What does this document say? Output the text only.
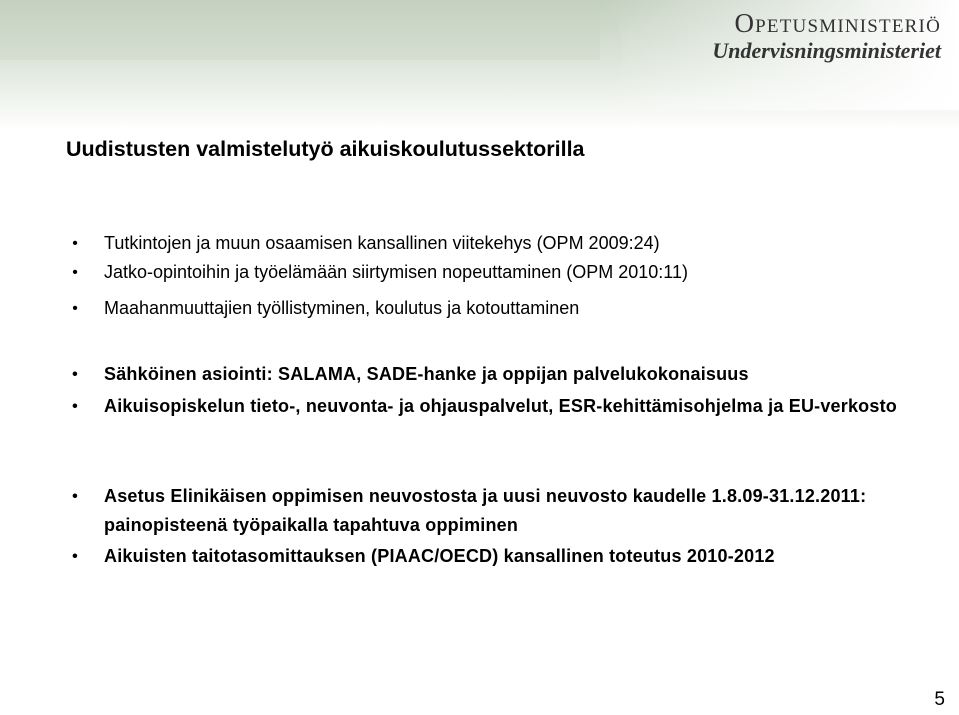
Opetusministeriö
Undervisningsministeriet
Uudistusten valmistelutyö aikuiskoulutussektorilla
•	Tutkintojen ja muun osaamisen kansallinen viitekehys (OPM 2009:24)
•	Jatko-opintoihin ja työelämään siirtymisen nopeuttaminen (OPM 2010:11)
•	Maahanmuuttajien työllistyminen, koulutus ja kotouttaminen
•	Sähköinen asiointi: SALAMA, SADE-hanke ja oppijan palvelukokonaisuus
•	Aikuisopiskelun tieto-, neuvonta- ja ohjauspalvelut, ESR-kehittämisohjelma ja EU-verkosto
•	Asetus Elinikäisen oppimisen neuvostosta ja uusi neuvosto kaudelle 1.8.09-31.12.2011: painopisteenä työpaikalla tapahtuva oppiminen
•	Aikuisten taitotasomittauksen (PIAAC/OECD) kansallinen toteutus 2010-2012
5
